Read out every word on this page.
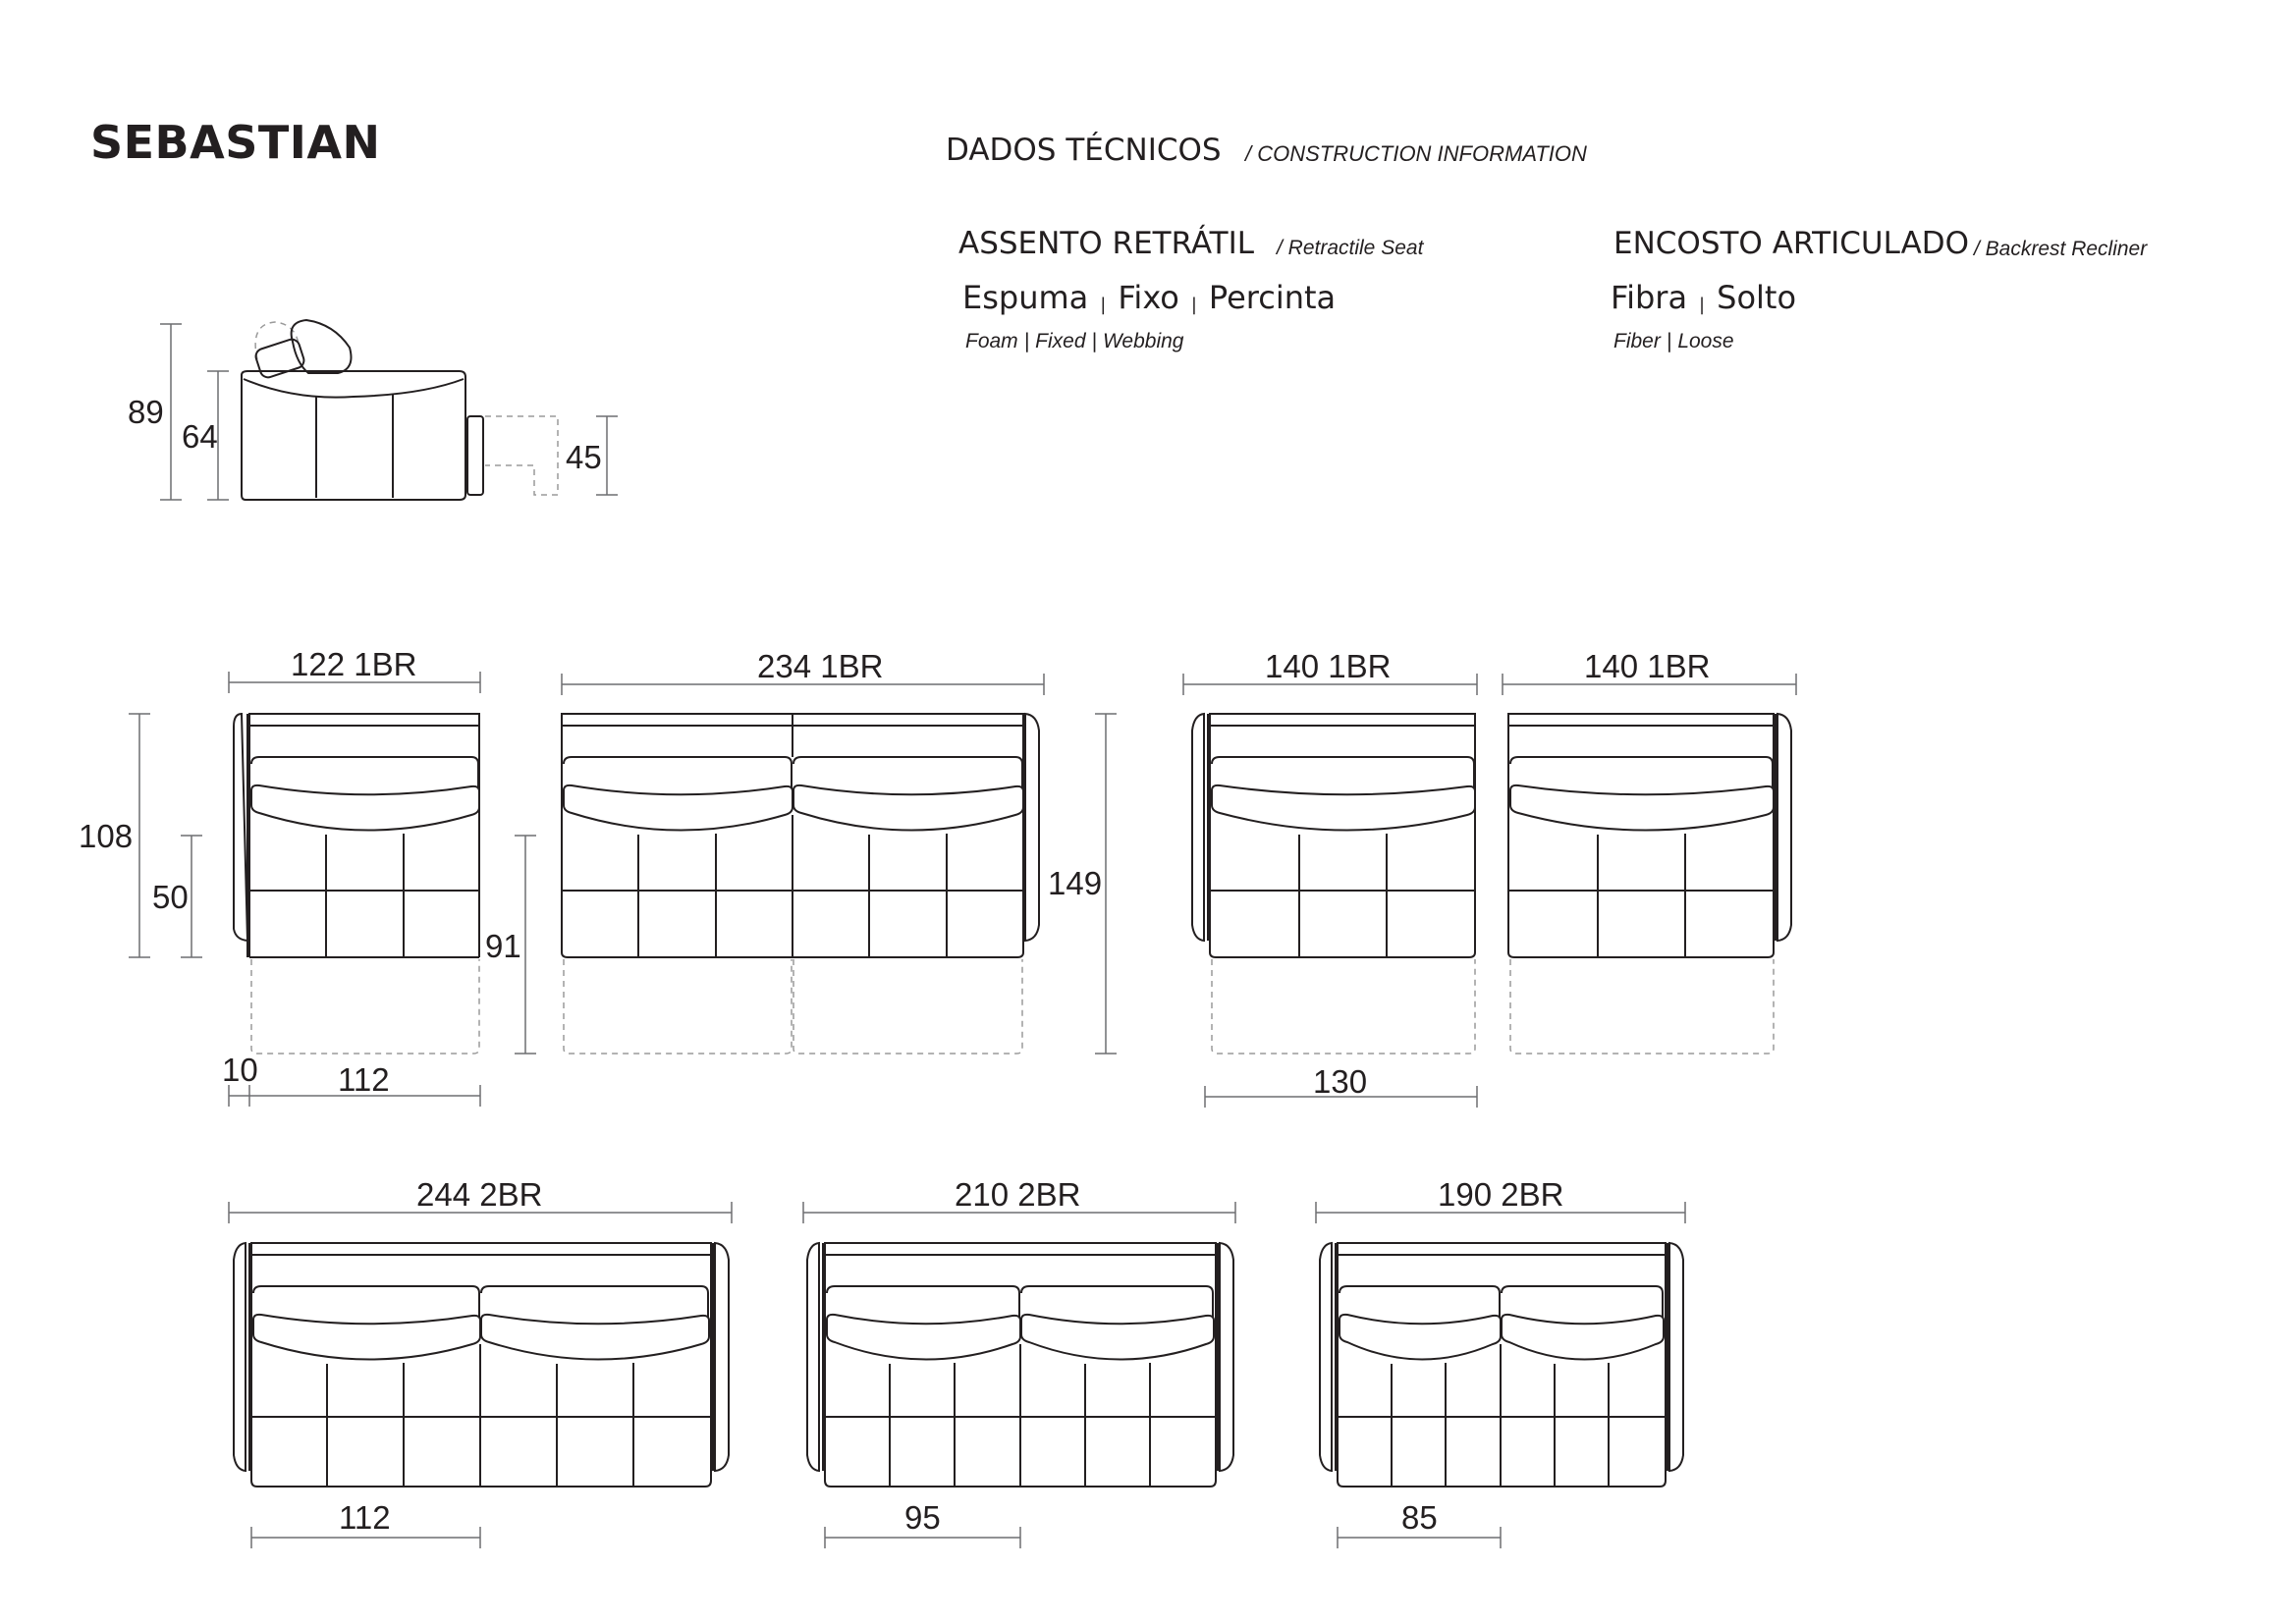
SEBASTIAN	DADOS TÉCNICOS / CONSTRUCTION INFORMATION
ASSENTO RETRÁTIL / Retractile Seat
Espuma | Fixo | Percinta
Foam | Fixed | Webbing
ENCOSTO ARTICULADO / Backrest Recliner
Fibra | Solto
Fiber | Loose
89
64
45
122 1BR
108
50
91
10 112
234 1BR
149
140 1BR
130
140 1BR
244 2BR
112
210 2BR
95
190 2BR
85
